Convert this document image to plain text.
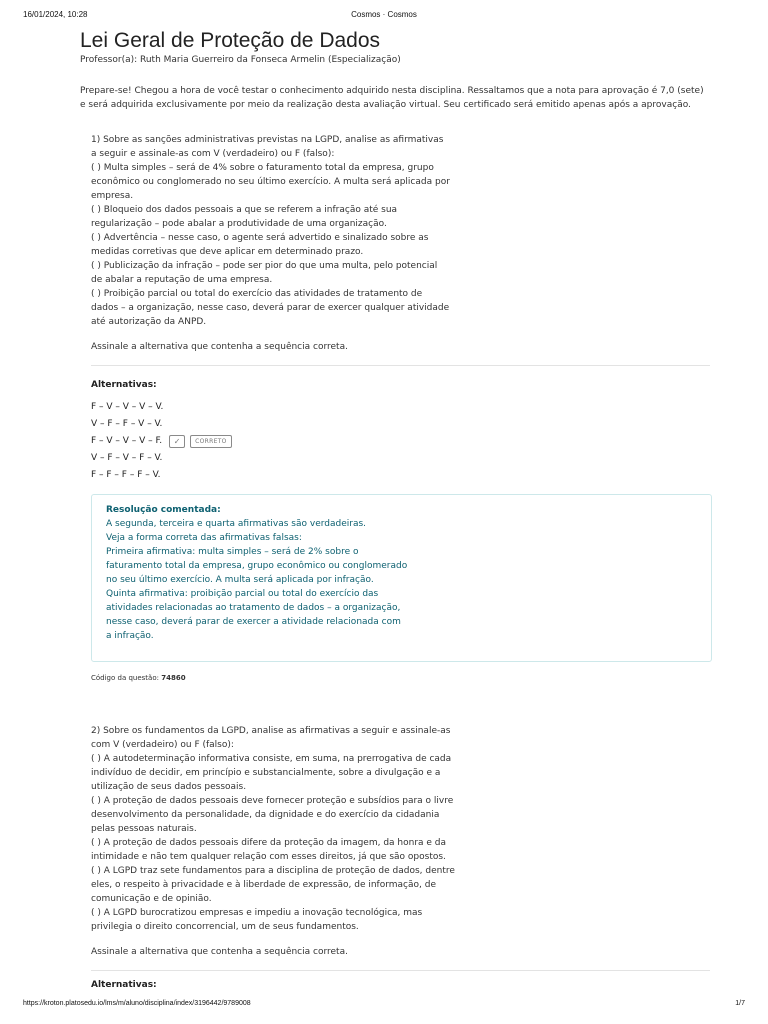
16/01/2024, 10:28	Cosmos · Cosmos
Lei Geral de Proteção de Dados
Professor(a): Ruth Maria Guerreiro da Fonseca Armelin (Especialização)
Prepare-se! Chegou a hora de você testar o conhecimento adquirido nesta disciplina. Ressaltamos que a nota para aprovação é 7,0 (sete) e será adquirida exclusivamente por meio da realização desta avaliação virtual. Seu certificado será emitido apenas após a aprovação.

1) Sobre as sanções administrativas previstas na LGPD, analise as afirmativas a seguir e assinale-as com V (verdadeiro) ou F (falso):

( ) Multa simples – será de 4% sobre o faturamento total da empresa, grupo econômico ou conglomerado no seu último exercício. A multa será aplicada por empresa.

( ) Bloqueio dos dados pessoais a que se referem a infração até sua regularização – pode abalar a produtividade de uma organização.

( ) Advertência – nesse caso, o agente será advertido e sinalizado sobre as medidas corretivas que deve aplicar em determinado prazo.

( ) Publicização da infração – pode ser pior do que uma multa, pelo potencial de abalar a reputação de uma empresa.

( ) Proibição parcial ou total do exercício das atividades de tratamento de dados – a organização, nesse caso, deverá parar de exercer qualquer atividade até autorização da ANPD.

Assinale a alternativa que contenha a sequência correta.

Alternativas:
F – V – V – V – V.
V – F – F – V – V.
F – V – V – V – F.	✓	CORRETO
V – F – V – F – V.
F – F – F – F – V.

Resolução comentada:

A segunda, terceira e quarta afirmativas são verdadeiras.

Veja a forma correta das afirmativas falsas:

Primeira afirmativa: multa simples – será de 2% sobre o

faturamento total da empresa, grupo econômico ou conglomerado

no seu último exercício. A multa será aplicada por infração.

Quinta afirmativa: proibição parcial ou total do exercício das

atividades relacionadas ao tratamento de dados – a organização,

nesse caso, deverá parar de exercer a atividade relacionada com

a infração.

Código da questão: 74860

2) Sobre os fundamentos da LGPD, analise as afirmativas a seguir e assinale-as com V (verdadeiro) ou F (falso):

( ) A autodeterminação informativa consiste, em suma, na prerrogativa de cada indivíduo de decidir, em princípio e substancialmente, sobre a divulgação e a utilização de seus dados pessoais.

( ) A proteção de dados pessoais deve fornecer proteção e subsídios para o livre desenvolvimento da personalidade, da dignidade e do exercício da cidadania pelas pessoas naturais.

( ) A proteção de dados pessoais difere da proteção da imagem, da honra e da intimidade e não tem qualquer relação com esses direitos, já que são opostos.

( ) A LGPD traz sete fundamentos para a disciplina de proteção de dados, dentre eles, o respeito à privacidade e à liberdade de expressão, de informação, de comunicação e de opinião.

( ) A LGPD burocratizou empresas e impediu a inovação tecnológica, mas privilegia o direito concorrencial, um de seus fundamentos.

Assinale a alternativa que contenha a sequência correta.

Alternativas:
https://kroton.platosedu.io/lms/m/aluno/disciplina/index/3196442/9789008	1/7
